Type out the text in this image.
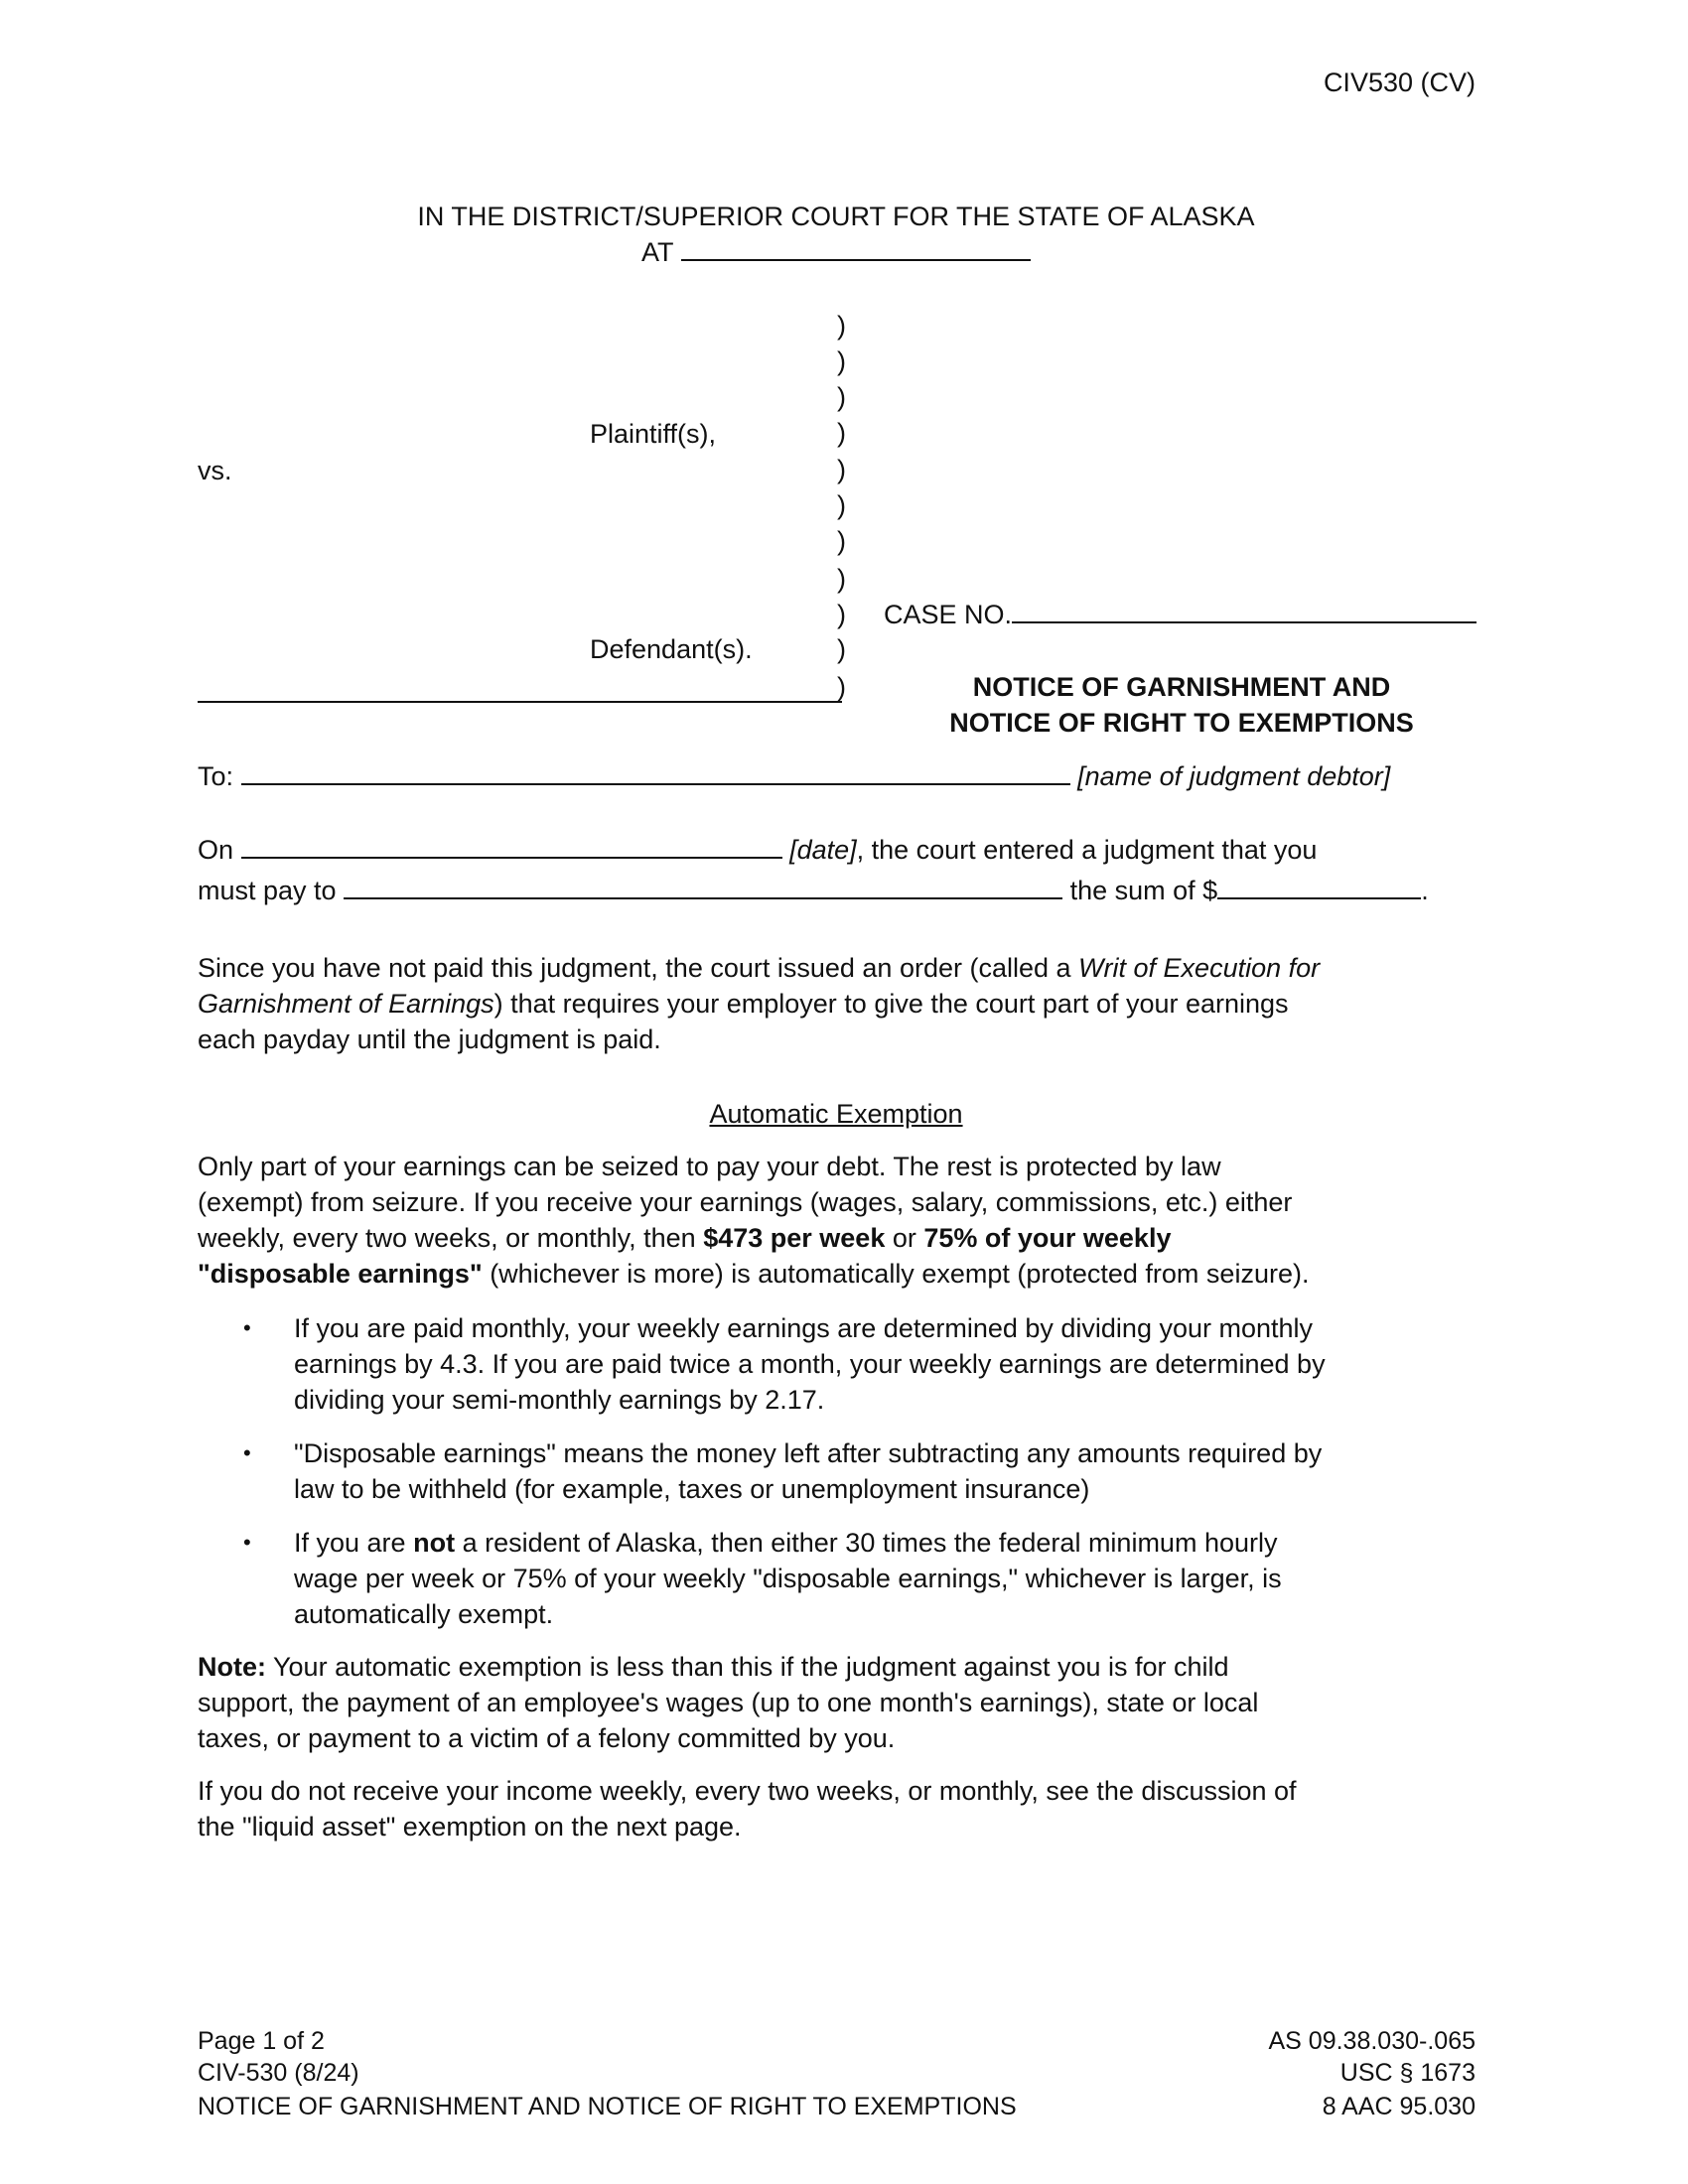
CIV530 (CV)
IN THE DISTRICT/SUPERIOR COURT FOR THE STATE OF ALASKA
AT
)
)
)
)
)
)
)
)
)
)
)
Plaintiff(s),
vs.
Defendant(s).
CASE NO.
NOTICE OF GARNISHMENT AND
NOTICE OF RIGHT TO EXEMPTIONS
To:	[name of judgment debtor]
On	[date], the court entered a judgment that you
must pay to	the sum of $	.
Since you have not paid this judgment, the court issued an order (called a Writ of Execution for
Garnishment of Earnings) that requires your employer to give the court part of your earnings
each payday until the judgment is paid.
Automatic Exemption
Only part of your earnings can be seized to pay your debt. The rest is protected by law
(exempt) from seizure. If you receive your earnings (wages, salary, commissions, etc.) either
weekly, every two weeks, or monthly, then $473 per week or 75% of your weekly
"disposable earnings" (whichever is more) is automatically exempt (protected from seizure).
• If you are paid monthly, your weekly earnings are determined by dividing your monthly
earnings by 4.3. If you are paid twice a month, your weekly earnings are determined by
dividing your semi-monthly earnings by 2.17.
• "Disposable earnings" means the money left after subtracting any amounts required by
law to be withheld (for example, taxes or unemployment insurance)
• If you are not a resident of Alaska, then either 30 times the federal minimum hourly
wage per week or 75% of your weekly "disposable earnings," whichever is larger, is
automatically exempt.
Note: Your automatic exemption is less than this if the judgment against you is for child
support, the payment of an employee's wages (up to one month's earnings), state or local
taxes, or payment to a victim of a felony committed by you.
If you do not receive your income weekly, every two weeks, or monthly, see the discussion of
the "liquid asset" exemption on the next page.
Page 1 of 2
CIV-530 (8/24)
NOTICE OF GARNISHMENT AND NOTICE OF RIGHT TO EXEMPTIONS
AS 09.38.030-.065
USC § 1673
8 AAC 95.030
